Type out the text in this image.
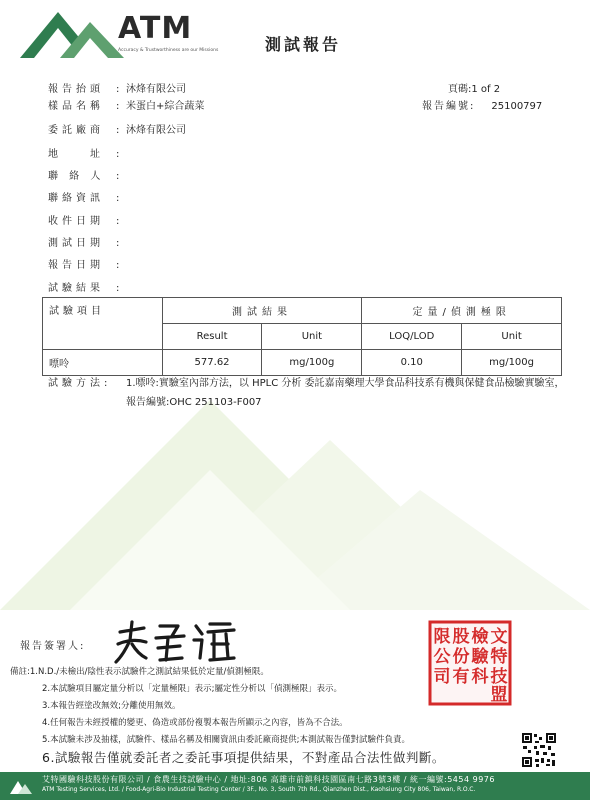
ATM
Accuracy & Trustworthiness are our Missions	測試報告
頁碼:1 of 2
報告編號: 25100797
報告抬頭 : 沐烽有限公司
樣品名稱 : 米蛋白+綜合蔬菜
委託廠商 : 沐烽有限公司
地　　址 :
聯 絡 人 :
聯絡資訊 :
收件日期 :
測試日期 :
報告日期 :
試驗結果 :
試驗項目	測試結果		定量/偵測極限	
	Result	Unit	LOQ/LOD	Unit
嘌呤	577.62	mg/100g	0.10	mg/100g
試驗方法: 1.嘌呤:實驗室內部方法，以 HPLC 分析 委託嘉南藥理大學食品科技系有機與保健食品檢驗實驗室，報告編號:OHC 251103-F007
報告簽署人:	限 股 檢 文
公 份 驗 特
司 有 科 技
盟
備註:1.N.D./未檢出/陰性表示試驗件之測試結果低於定量/偵測極限。
2.本試驗項目屬定量分析以「定量極限」表示;屬定性分析以「偵測極限」表示。
3.本報告經塗改無效;分離使用無效。
4.任何報告未經授權的變更、偽造或部份複製本報告所顯示之內容，皆為不合法。
5.本試驗未涉及抽樣，試驗件、樣品名稱及相關資訊由委託廠商提供;本測試報告僅對試驗件負責。
6.試驗報告僅就委託者之委託事項提供結果，不對產品合法性做判斷。
艾特國驗科技股份有限公司 / 食農生技試驗中心 / 地址:806 高雄市前鎮科技園區南七路3號3樓 / 統一編號:5454 9976
ATM Testing Services, Ltd. / Food-Agri-Bio Industrial Testing Center / 3F., No. 3, South 7th Rd., Qianzhen Dist., Kaohsiung City 806, Taiwan, R.O.C.
